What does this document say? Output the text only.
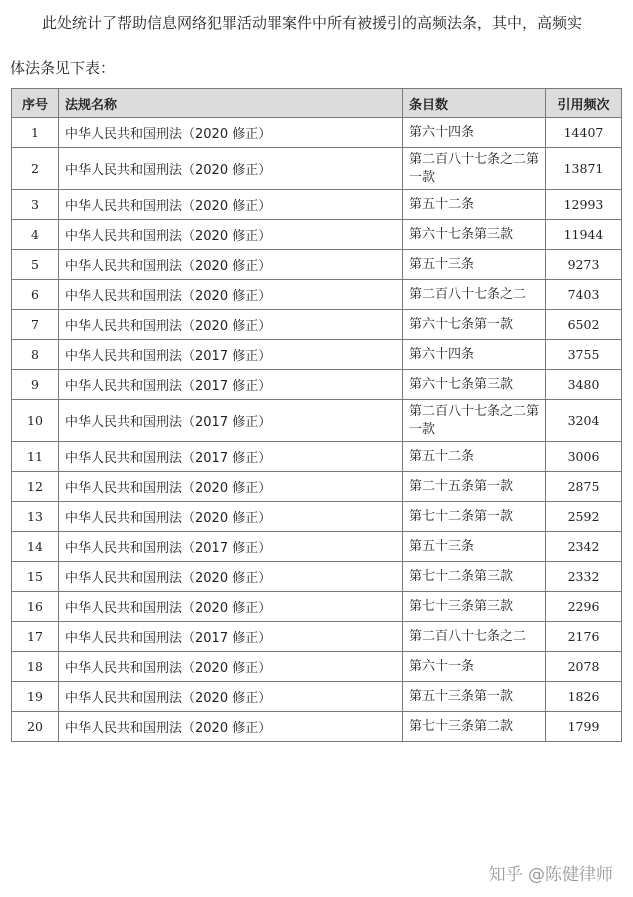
此处统计了帮助信息网络犯罪活动罪案件中所有被援引的高频法条，其中，高频实
体法条见下表：
序号	法规名称	条目数	引用频次
1	中华人民共和国刑法（2020 修正）	第六十四条	14407
2	中华人民共和国刑法（2020 修正）	第二百八十七条之二第一款	13871
3	中华人民共和国刑法（2020 修正）	第五十二条	12993
4	中华人民共和国刑法（2020 修正）	第六十七条第三款	11944
5	中华人民共和国刑法（2020 修正）	第五十三条	9273
6	中华人民共和国刑法（2020 修正）	第二百八十七条之二	7403
7	中华人民共和国刑法（2020 修正）	第六十七条第一款	6502
8	中华人民共和国刑法（2017 修正）	第六十四条	3755
9	中华人民共和国刑法（2017 修正）	第六十七条第三款	3480
10	中华人民共和国刑法（2017 修正）	第二百八十七条之二第一款	3204
11	中华人民共和国刑法（2017 修正）	第五十二条	3006
12	中华人民共和国刑法（2020 修正）	第二十五条第一款	2875
13	中华人民共和国刑法（2020 修正）	第七十二条第一款	2592
14	中华人民共和国刑法（2017 修正）	第五十三条	2342
15	中华人民共和国刑法（2020 修正）	第七十二条第三款	2332
16	中华人民共和国刑法（2020 修正）	第七十三条第三款	2296
17	中华人民共和国刑法（2017 修正）	第二百八十七条之二	2176
18	中华人民共和国刑法（2020 修正）	第六十一条	2078
19	中华人民共和国刑法（2020 修正）	第五十三条第一款	1826
20	中华人民共和国刑法（2020 修正）	第七十三条第二款	1799
知乎 @陈健律师
